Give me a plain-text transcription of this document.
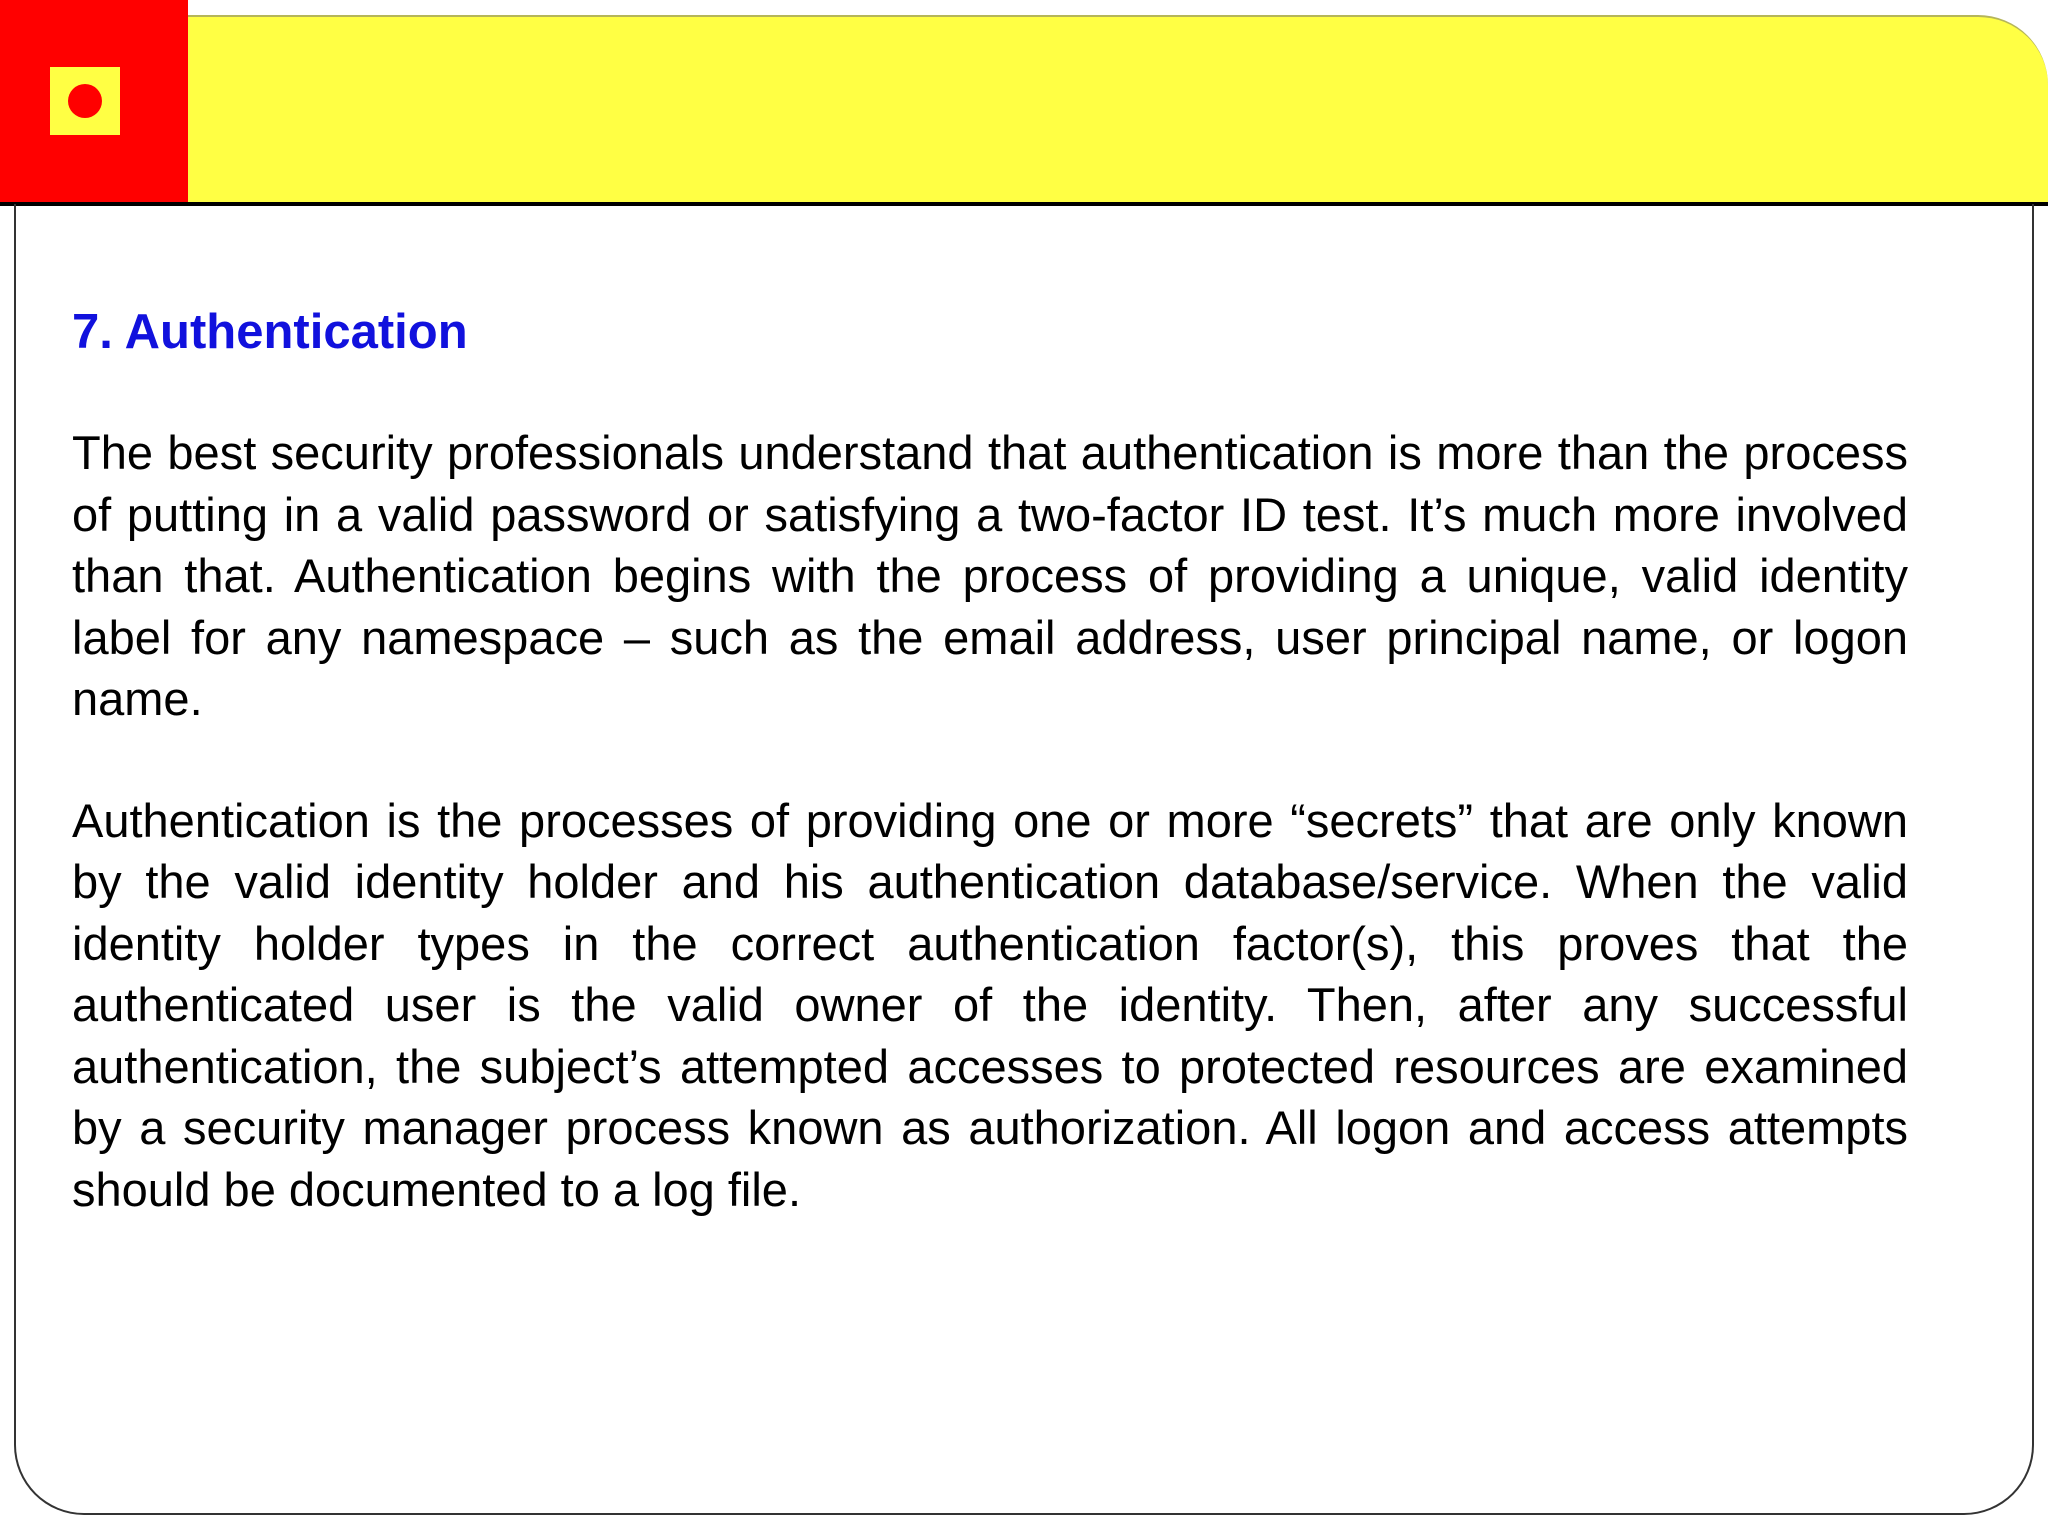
7. Authentication

The best security professionals understand that authentication is more than the process of putting in a valid password or satisfying a two-factor ID test. It’s much more involved than that. Authentication begins with the process of providing a unique, valid identity label for any namespace – such as the email address, user principal name, or logon name.

Authentication is the processes of providing one or more “secrets” that are only known by the valid identity holder and his authentication database/service. When the valid identity holder types in the correct authentication factor(s), this proves that the authenticated user is the valid owner of the identity. Then, after any successful authentication, the subject’s attempted accesses to protected resources are examined by a security manager process known as authorization. All logon and access attempts should be documented to a log file.
